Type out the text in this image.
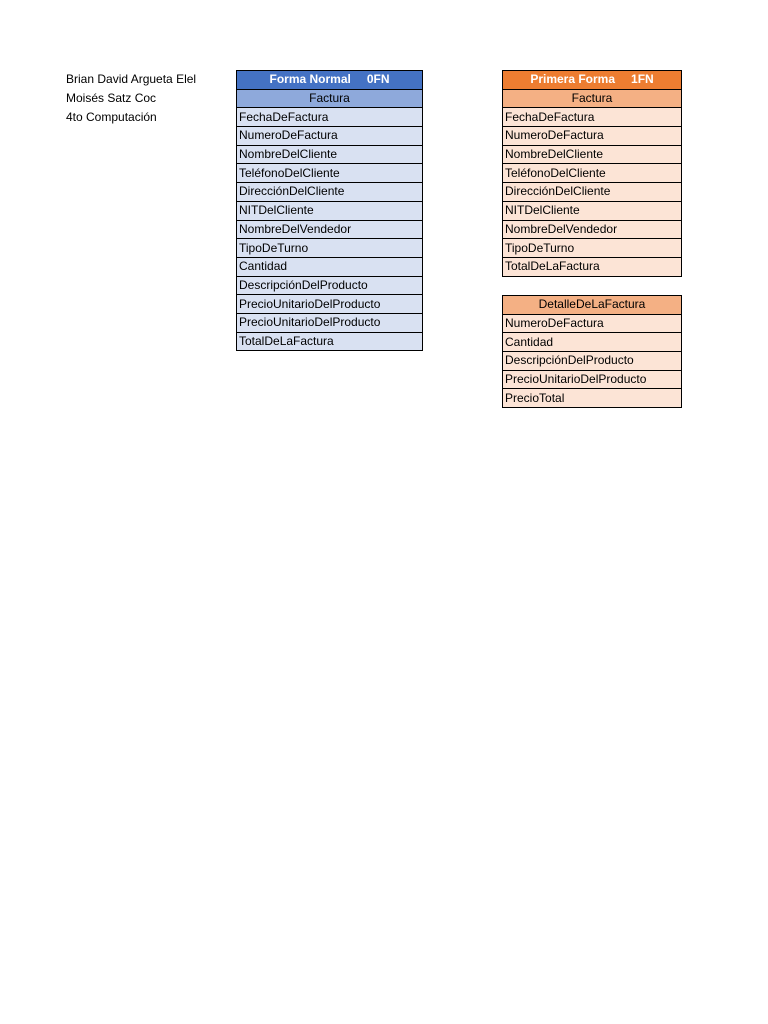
Brian David Argueta Elel
Moisés Satz Coc
4to Computación
Forma Normal 0FN
Factura
FechaDeFactura
NumeroDeFactura
NombreDelCliente
TeléfonoDelCliente
DirecciónDelCliente
NITDelCliente
NombreDelVendedor
TipoDeTurno
Cantidad
DescripciónDelProducto
PrecioUnitarioDelProducto
PrecioUnitarioDelProducto
TotalDeLaFactura
Primera Forma 1FN
Factura
FechaDeFactura
NumeroDeFactura
NombreDelCliente
TeléfonoDelCliente
DirecciónDelCliente
NITDelCliente
NombreDelVendedor
TipoDeTurno
TotalDeLaFactura
DetalleDeLaFactura
NumeroDeFactura
Cantidad
DescripciónDelProducto
PrecioUnitarioDelProducto
PrecioTotal
